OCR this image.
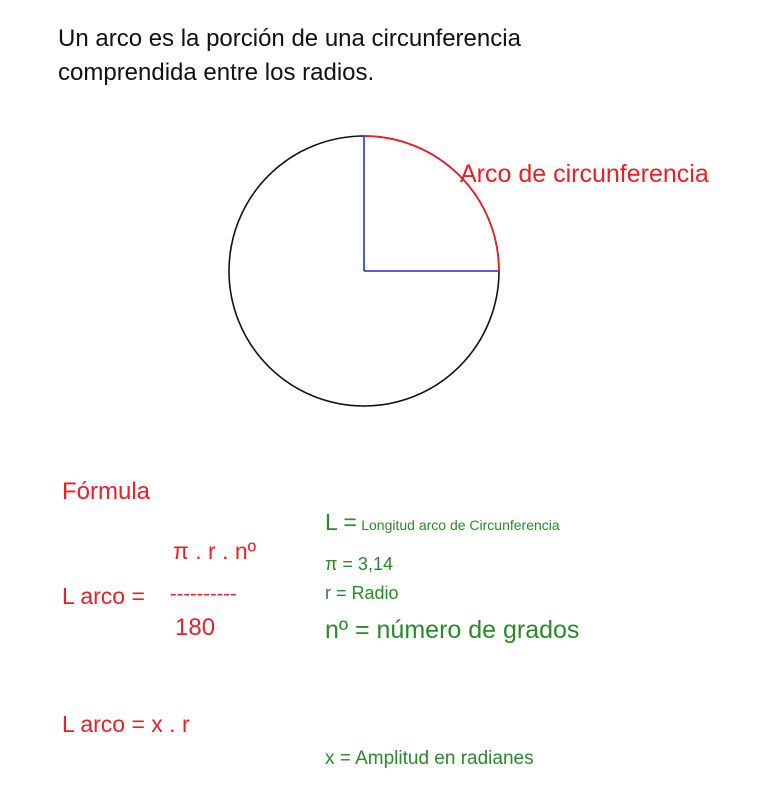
Un arco es la porción de una circunferencia
comprendida entre los radios.
Arco de circunferencia
Fórmula
π . r . nº
L arco = ----------
180
L = Longitud arco de Circunferencia
π = 3,14
r = Radio
nº = número de grados
L arco = x . r
x = Amplitud en radianes
